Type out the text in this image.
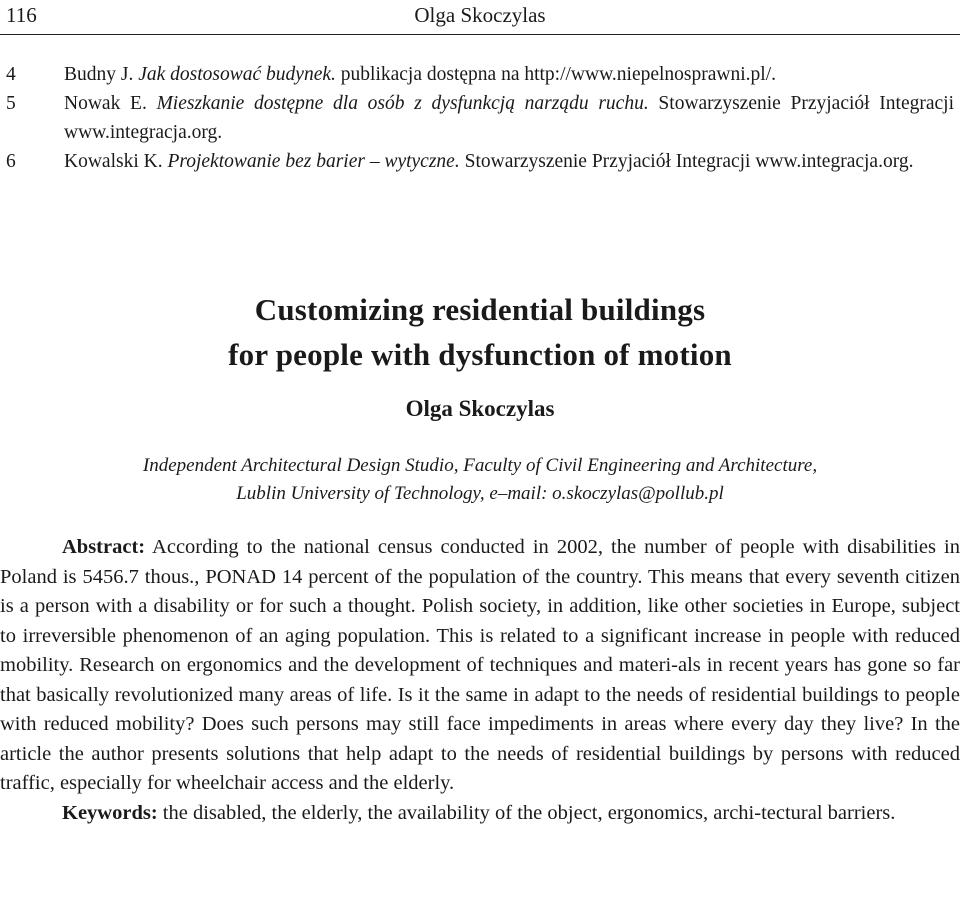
116	Olga Skoczylas
4 Budny J. Jak dostosować budynek. publikacja dostępna na http://www.niepelnosprawni.pl/.
5 Nowak E. Mieszkanie dostępne dla osób z dysfunkcją narządu ruchu. Stowarzyszenie Przyjaciół Integracji www.integracja.org.
6 Kowalski K. Projektowanie bez barier – wytyczne. Stowarzyszenie Przyjaciół Integracji www.integracja.org.
Customizing residential buildings
for people with dysfunction of motion
Olga Skoczylas
Independent Architectural Design Studio, Faculty of Civil Engineering and Architecture,
Lublin University of Technology, e–mail: o.skoczylas@pollub.pl

Abstract: According to the national census conducted in 2002, the number of people with disabilities in Poland is 5456.7 thous., PONAD 14 percent of the population of the country. This means that every seventh citizen is a person with a disability or for such a thought. Polish society, in addition, like other societies in Europe, subject to irreversible phenomenon of an aging population. This is related to a significant increase in people with reduced mobility. Research on ergonomics and the development of techniques and materi-als in recent years has gone so far that basically revolutionized many areas of life. Is it the same in adapt to the needs of residential buildings to people with reduced mobility? Does such persons may still face impediments in areas where every day they live? In the article the author presents solutions that help adapt to the needs of residential buildings by persons with reduced traffic, especially for wheelchair access and the elderly.

Keywords: the disabled, the elderly, the availability of the object, ergonomics, archi-tectural barriers.
